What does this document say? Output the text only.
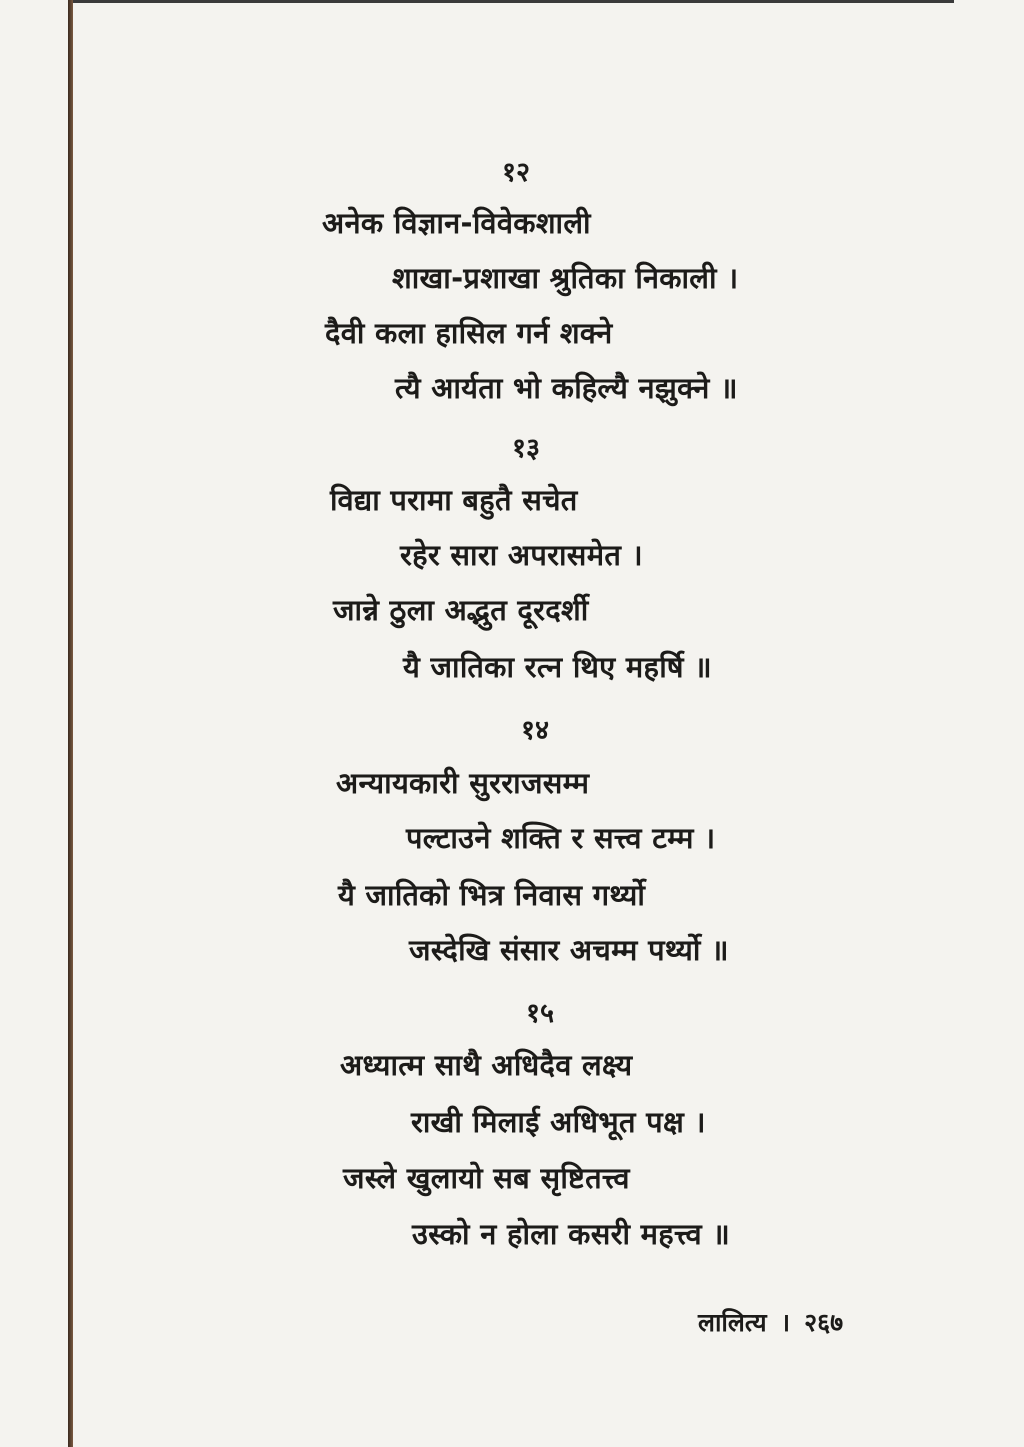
१२
अनेक विज्ञान-विवेकशाली
शाखा-प्रशाखा श्रुतिका निकाली ।
दैवी कला हासिल गर्न शक्ने
त्यै आर्यता भो कहिल्यै नझुक्ने ॥
१३
विद्या परामा बहुतै सचेत
रहेर सारा अपरासमेत ।
जान्ने ठुला अद्भुत दूरदर्शी
यै जातिका रत्न थिए महर्षि ॥
१४
अन्यायकारी सुरराजसम्म
पल्टाउने शक्ति र सत्त्व टम्म ।
यै जातिको भित्र निवास गर्थ्यो
जस्देखि संसार अचम्म पर्थ्यो ॥
१५
अध्यात्म साथै अधिदैव लक्ष्य
राखी मिलाई अधिभूत पक्ष ।
जस्ले खुलायो सब सृष्टितत्त्व
उस्को न होला कसरी महत्त्व ॥
लालित्य । २६७
